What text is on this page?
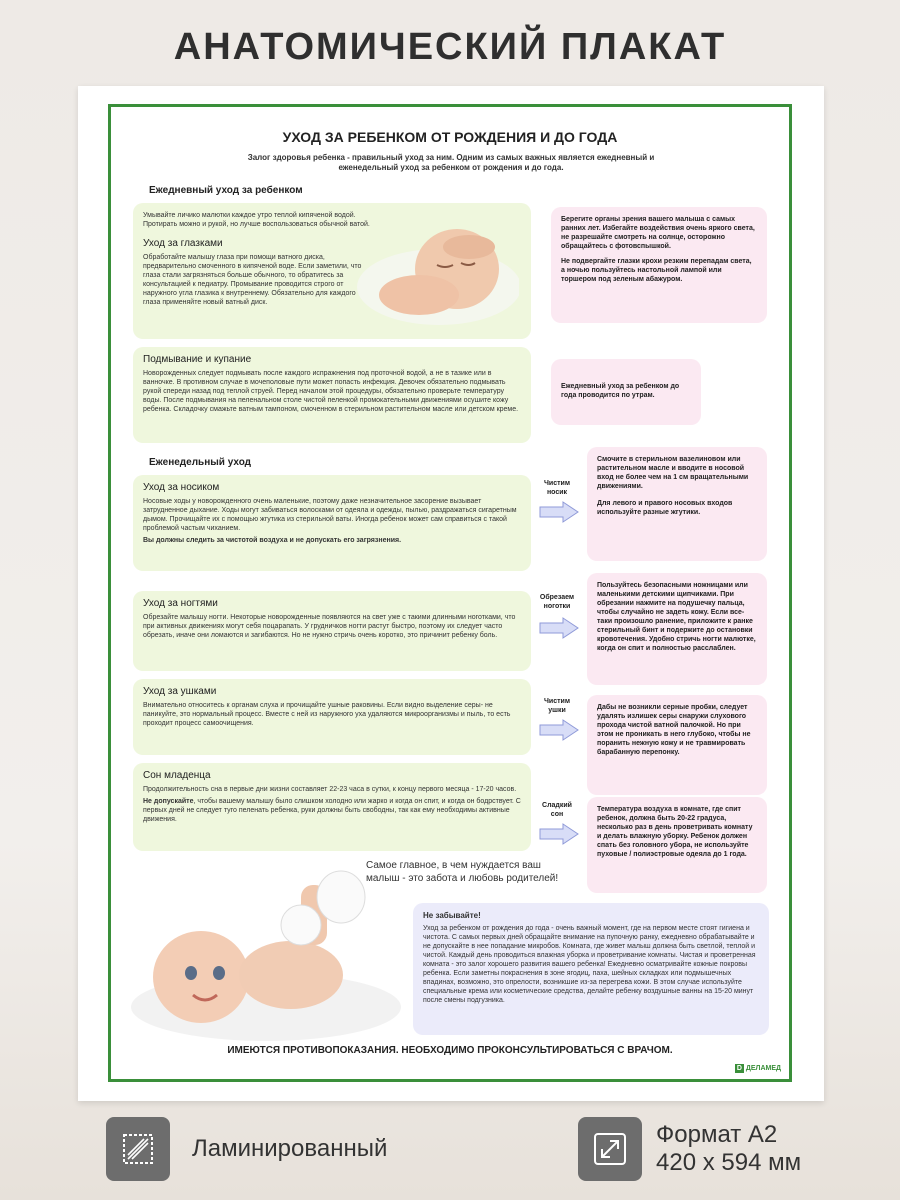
АНАТОМИЧЕСКИЙ ПЛАКАТ
УХОД ЗА РЕБЕНКОМ ОТ РОЖДЕНИЯ И ДО ГОДА
Залог здоровья ребенка - правильный уход за ним. Одним из самых важных является ежедневный и еженедельный уход за ребенком от рождения и до года.
Ежедневный уход за ребенком

Умывайте личико малютки каждое утро теплой кипяченой водой. Протирать можно и рукой, но лучше воспользоваться обычной ватой.

Уход за глазками

Обработайте малышу глаза при помощи ватного диска, предварительно смоченного в кипяченой воде. Если заметили, что глаза стали загрязняться больше обычного, то обратитесь за консультацией к педиатру. Промывание проводится строго от наружного угла глазика к внутреннему. Обязательно для каждого глаза применяйте новый ватный диск.

Берегите органы зрения вашего малыша с самых ранних лет. Избегайте воздействия очень яркого света, не разрешайте смотреть на солнце, осторожно обращайтесь с фотовспышкой.

Не подвергайте глазки крохи резким перепадам света, а ночью пользуйтесь настольной лампой или торшером под зеленым абажуром.

Подмывание и купание

Новорожденных следует подмывать после каждого испражнения под проточной водой, а не в тазике или в ванночке. В противном случае в мочеполовые пути может попасть инфекция. Девочек обязательно подмывать рукой спереди назад под теплой струей. Перед началом этой процедуры, обязательно проверьте температуру воды. После подмывания на пеленальном столе чистой пеленкой промокательными движениями осушите кожу ребенка. Складочку смажьте ватным тампоном, смоченном в стерильном растительном масле или детском креме.

Ежедневный уход за ребенком до года проводится по утрам.

Еженедельный уход
Уход за носиком

Носовые ходы у новорожденного очень маленькие, поэтому даже незначительное засорение вызывает затрудненное дыхание. Ходы могут забиваться волосками от одеяла и одежды, пылью, раздражаться сигаретным дымом. Прочищайте их с помощью жгутика из стерильной ваты. Иногда ребенок может сам справиться с такой проблемой частым чиханием.

Вы должны следить за чистотой воздуха и не допускать его загрязнения.

Чистим носик

Смочите в стерильном вазелиновом или растительном масле и вводите в носовой вход не более чем на 1 см вращательными движениями.

Для левого и правого носовых входов используйте разные жгутики.

Уход за ногтями

Обрезайте малышу ногти. Некоторые новорожденные появляются на свет уже с такими длинными ноготками, что при активных движениях могут себя поцарапать. У грудничков ногти растут быстро, поэтому их следует часто обрезать, иначе они ломаются и загибаются. Но не нужно стричь очень коротко, это причинит ребенку боль.

Обрезаем ноготки

Пользуйтесь безопасными ножницами или маленькими детскими щипчиками. При обрезании нажмите на подушечку пальца, чтобы случайно не задеть кожу. Если все-таки произошло ранение, приложите к ранке стерильный бинт и подержите до остановки кровотечения. Удобно стричь ногти малютке, когда он спит и полностью расслаблен.

Уход за ушками

Внимательно относитесь к органам слуха и прочищайте ушные раковины. Если видно выделение серы- не паникуйте, это нормальный процесс. Вместе с ней из наружного уха удаляются микроорганизмы и пыль, то есть проходит процесс самоочищения.

Чистим ушки	Дабы не возникли серные пробки, следует удалять излишек серы снаружи слухового прохода чистой ватной палочкой. Но при этом не проникать в него глубоко, чтобы не поранить нежную кожу и не травмировать барабанную перепонку.

Сон младенца

Продолжительность сна в первые дни жизни составляет 22-23 часа в сутки, к концу первого месяца - 17-20 часов.

Не допускайте, чтобы вашему малышу было слишком холодно или жарко и когда он спит, и когда он бодрствует. С первых дней не следует туго пеленать ребенка, руки должны быть свободны, так как ему необходимы активные движения.

Сладкий сон

Температура воздуха в комнате, где спит ребенок, должна быть 20-22 градуса, несколько раз в день проветривать комнату и делать влажную уборку. Ребенок должен спать без головного убора, не используйте пуховые / полиэстровые одеяла до 1 года.

Самое главное, в чем нуждается ваш малыш - это забота и любовь родителей!

Не забывайте!

Уход за ребенком от рождения до года - очень важный момент, где на первом месте стоят гигиена и чистота. С самых первых дней обращайте внимание на пупочную ранку, ежедневно обрабатывайте и не допускайте в нее попадание микробов. Комната, где живет малыш должна быть светлой, теплой и чистой. Каждый день проводиться влажная уборка и проветривание комнаты. Чистая и проветренная комната - это залог хорошего развития вашего ребенка! Ежедневно осматривайте кожные покровы ребенка. Если заметны покраснения в зоне ягодиц, паха, шейных складках или подмышечных впадинах, возможно, это опрелости, возникшие из-за перегрева кожи. В этом случае используйте специальные крема или косметические средства, делайте ребенку воздушные ванны на 15-20 минут после смены подгузника.

ИМЕЮТСЯ ПРОТИВОПОКАЗАНИЯ. НЕОБХОДИМО ПРОКОНСУЛЬТИРОВАТЬСЯ С ВРАЧОМ.
D ДЕЛАМЕД
Ламинированный
Формат А2
420 х 594 мм
